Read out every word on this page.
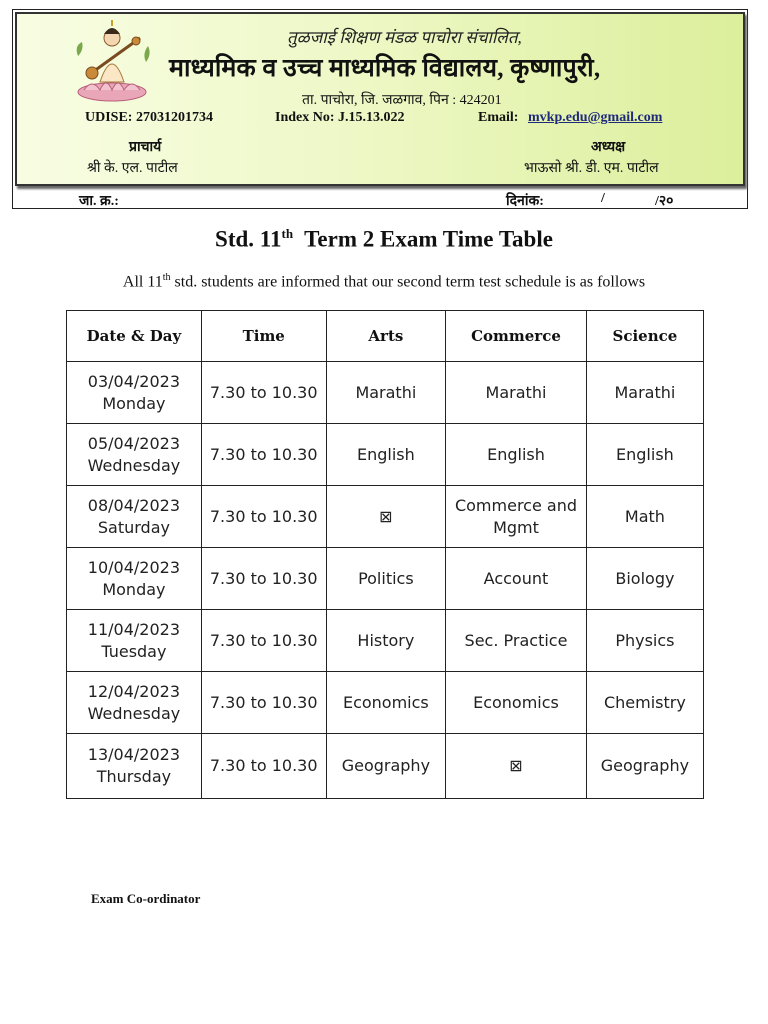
तुळजाई शिक्षण मंडळ पाचोरा संचालित,
माध्यमिक व उच्च माध्यमिक विद्यालय, कृष्णापुरी,
ता. पाचोरा, जि. जळगाव, पिन : 424201
UDISE: 27031201734	Index No: J.15.13.022	Email: mvkp.edu@gmail.com
प्राचार्य
श्री के. एल. पाटील
अध्यक्ष
भाऊसो श्री. डी. एम. पाटील
जा. क्र.:	दिनांक:	/	/२०
Std. 11th Term 2 Exam Time Table
All 11th std. students are informed that our second term test schedule is as follows
Date & Day	Time	Arts	Commerce	Science

03/04/2023
Monday	7.30 to 10.30	Marathi	Marathi	Marathi

05/04/2023
Wednesday	7.30 to 10.30	English	English	English

08/04/2023
Saturday	7.30 to 10.30	⊠	Commerce and Mgmt	Math

10/04/2023
Monday	7.30 to 10.30	Politics	Account	Biology

11/04/2023
Tuesday	7.30 to 10.30	History	Sec. Practice	Physics

12/04/2023
Wednesday	7.30 to 10.30	Economics	Economics	Chemistry

13/04/2023
Thursday	7.30 to 10.30	Geography	⊠	Geography
Exam Co-ordinator
